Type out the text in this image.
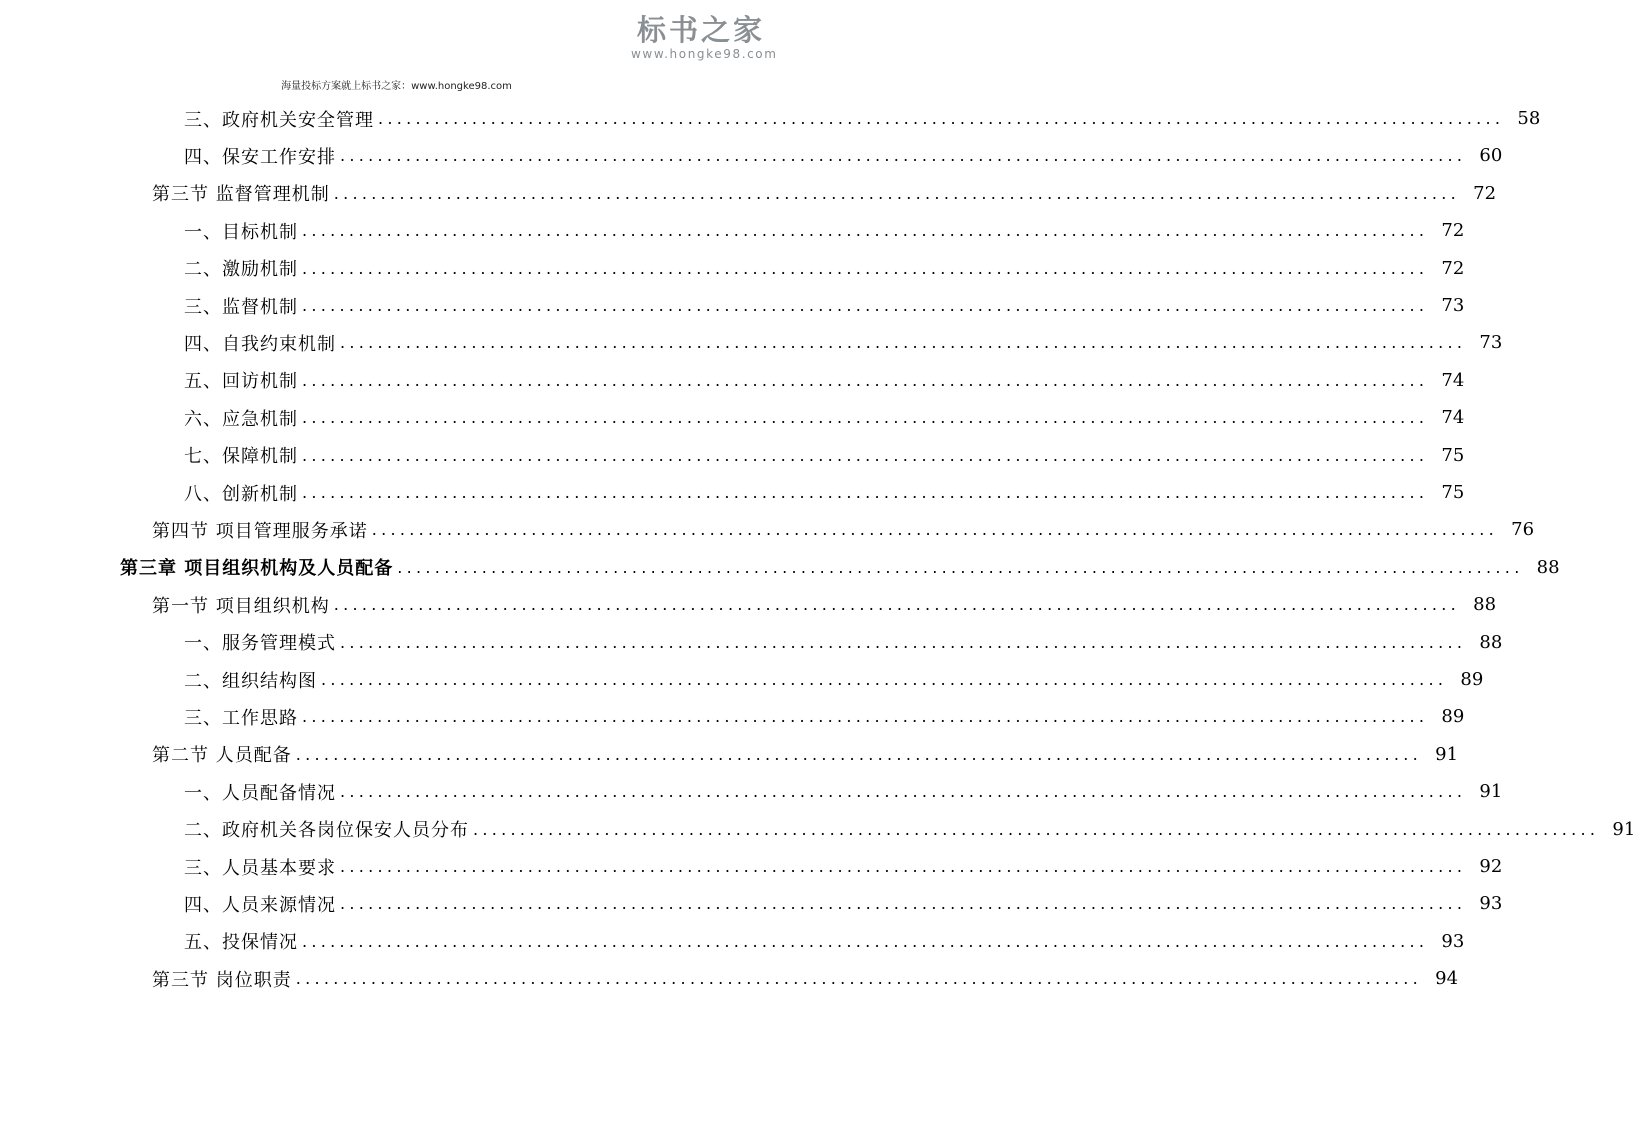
标书之家
www.hongke98.com
海量投标方案就上标书之家：www.hongke98.com
三、政府机关安全管理 ........................................................................................................................ 58
四、保安工作安排 ........................................................................................................................ 60
第三节 监督管理机制 ........................................................................................................................ 72
一、目标机制 ........................................................................................................................ 72
二、激励机制 ........................................................................................................................ 72
三、监督机制 ........................................................................................................................ 73
四、自我约束机制 ........................................................................................................................ 73
五、回访机制 ........................................................................................................................ 74
六、应急机制 ........................................................................................................................ 74
七、保障机制 ........................................................................................................................ 75
八、创新机制 ........................................................................................................................ 75
第四节 项目管理服务承诺 ........................................................................................................................ 76
第三章 项目组织机构及人员配备 ........................................................................................................................ 88
第一节 项目组织机构 ........................................................................................................................ 88
一、服务管理模式 ........................................................................................................................ 88
二、组织结构图 ........................................................................................................................ 89
三、工作思路 ........................................................................................................................ 89
第二节 人员配备 ........................................................................................................................ 91
一、人员配备情况 ........................................................................................................................ 91
二、政府机关各岗位保安人员分布 ........................................................................................................................ 91
三、人员基本要求 ........................................................................................................................ 92
四、人员来源情况 ........................................................................................................................ 93
五、投保情况 ........................................................................................................................ 93
第三节 岗位职责 ........................................................................................................................ 94
